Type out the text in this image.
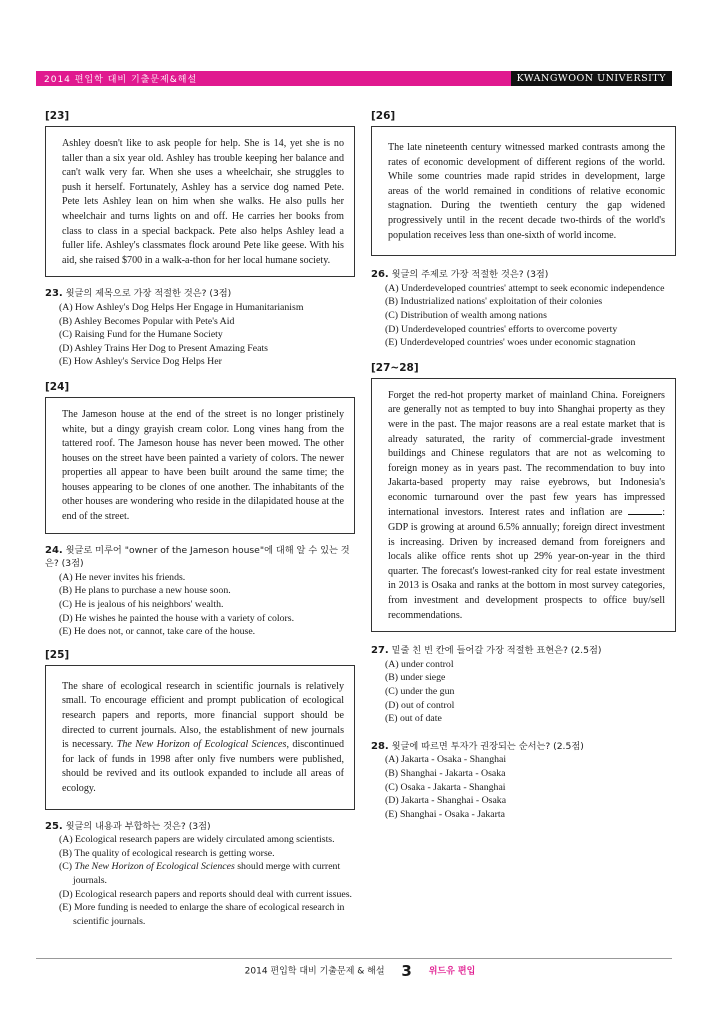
2014 편입학 대비 기출문제&해설	KWANGWOON UNIVERSITY
[23]
Ashley doesn't like to ask people for help. She is 14, yet she is no taller than a six year old. Ashley has trouble keeping her balance and can't walk very far. When she uses a wheelchair, she struggles to push it herself. Fortunately, Ashley has a service dog named Pete. Pete lets Ashley lean on him when she walks. He also pulls her wheelchair and turns lights on and off. He carries her books from class to class in a special backpack. Pete also helps Ashley lead a fuller life. Ashley's classmates flock around Pete like geese. With his aid, she raised $700 in a walk-a-thon for her local humane society.
23. 윗글의 제목으로 가장 적절한 것은? (3점)
(A) How Ashley's Dog Helps Her Engage in Humanitarianism
(B) Ashley Becomes Popular with Pete's Aid
(C) Raising Fund for the Humane Society
(D) Ashley Trains Her Dog to Present Amazing Feats
(E) How Ashley's Service Dog Helps Her
[24]
The Jameson house at the end of the street is no longer pristinely white, but a dingy grayish cream color. Long vines hang from the tattered roof. The Jameson house has never been mowed. The other houses on the street have been painted a variety of colors. The newer properties all appear to have been built around the same time; the houses appearing to be clones of one another. The inhabitants of the other houses are wondering who reside in the dilapidated house at the end of the street.
24. 윗글로 미루어 "owner of the Jameson house"에 대해 알 수 있는 것은? (3점)
(A) He never invites his friends.
(B) He plans to purchase a new house soon.
(C) He is jealous of his neighbors' wealth.
(D) He wishes he painted the house with a variety of colors.
(E) He does not, or cannot, take care of the house.
[25]
The share of ecological research in scientific journals is relatively small. To encourage efficient and prompt publication of ecological research papers and reports, more financial support should be directed to current journals. Also, the establishment of new journals is necessary. The New Horizon of Ecological Sciences, discontinued for lack of funds in 1998 after only five numbers were published, should be revived and its outlook expanded to include all areas of ecology.
25. 윗글의 내용과 부합하는 것은? (3점)
(A) Ecological research papers are widely circulated among scientists.
(B) The quality of ecological research is getting worse.
(C) The New Horizon of Ecological Sciences should merge with current journals.
(D) Ecological research papers and reports should deal with current issues.
(E) More funding is needed to enlarge the share of ecological research in scientific journals.
[26]
The late nineteenth century witnessed marked contrasts among the rates of economic development of different regions of the world. While some countries made rapid strides in development, large areas of the world remained in conditions of relative economic stagnation. During the twentieth century the gap widened progressively until in the recent decade two-thirds of the world's population receives less than one-sixth of world income.
26. 윗글의 주제로 가장 적절한 것은? (3점)
(A) Underdeveloped countries' attempt to seek economic independence
(B) Industrialized nations' exploitation of their colonies
(C) Distribution of wealth among nations
(D) Underdeveloped countries' efforts to overcome poverty
(E) Underdeveloped countries' woes under economic stagnation
[27~28]
Forget the red-hot property market of mainland China. Foreigners are generally not as tempted to buy into Shanghai property as they were in the past. The major reasons are a real estate market that is already saturated, the rarity of commercial-grade investment buildings and Chinese regulators that are not as welcoming to foreign money as in years past. The recommendation to buy into Jakarta-based property may raise eyebrows, but Indonesia's economic turnaround over the past few years has impressed international investors. Interest rates and inflation are	: GDP is growing at around 6.5% annually; foreign direct investment is increasing. Driven by increased demand from foreigners and locals alike office rents shot up 29% year-on-year in the third quarter. The forecast's lowest-ranked city for real estate investment in 2013 is Osaka and ranks at the bottom in most survey categories, from investment and development prospects to office buy/sell recommendations.
27. 밑줄 친 빈 칸에 들어갈 가장 적절한 표현은? (2.5점)
(A) under control
(B) under siege
(C) under the gun
(D) out of control
(E) out of date
28. 윗글에 따르면 투자가 권장되는 순서는? (2.5점)
(A) Jakarta - Osaka - Shanghai
(B) Shanghai - Jakarta - Osaka
(C) Osaka - Jakarta - Shanghai
(D) Jakarta - Shanghai - Osaka
(E) Shanghai - Osaka - Jakarta
2014 편입학 대비 기출문제 & 해설 3 위드유 편입
